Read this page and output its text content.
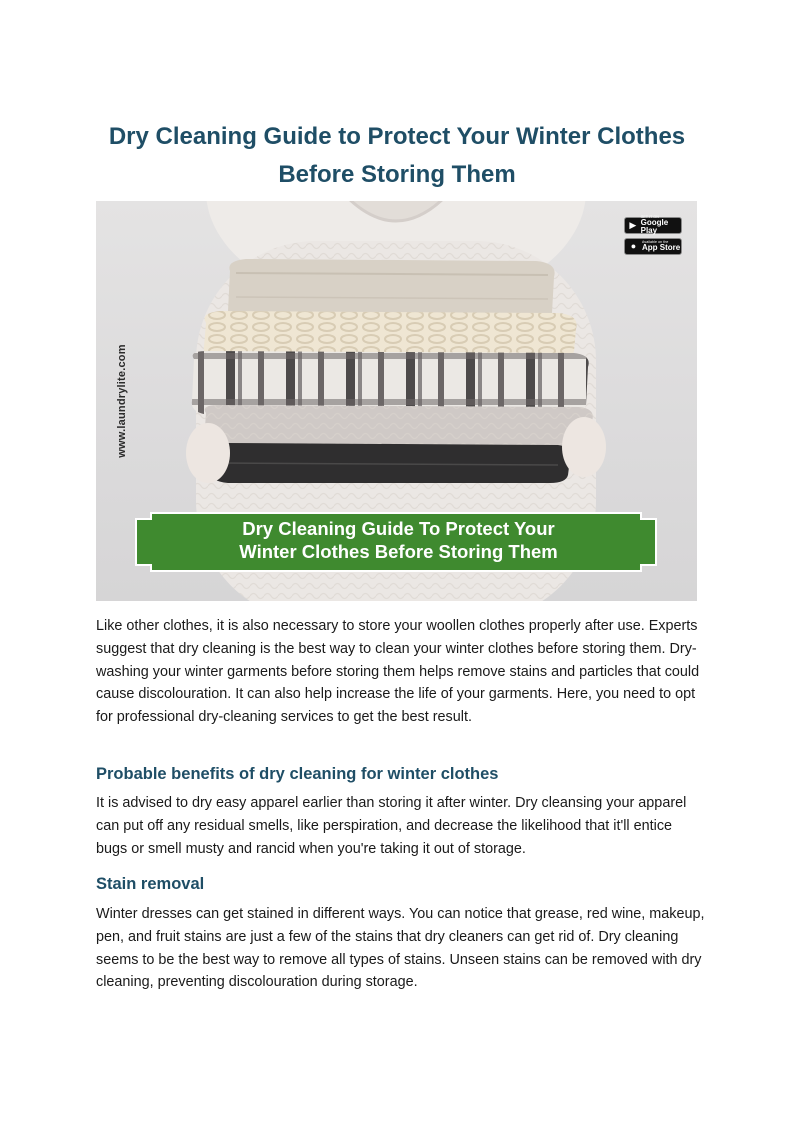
Dry Cleaning Guide to Protect Your Winter Clothes Before Storing Them
www.laundrylite.com
▶
GET IT ON
Google Play
●	Available on the
App Store
Dry Cleaning Guide To Protect Your
Winter Clothes Before Storing Them

Like other clothes, it is also necessary to store your woollen clothes properly after use. Experts suggest that dry cleaning is the best way to clean your winter clothes before storing them. Dry-washing your winter garments before storing them helps remove stains and particles that could cause discolouration. It can also help increase the life of your garments. Here, you need to opt for professional dry-cleaning services to get the best result.

Probable benefits of dry cleaning for winter clothes

It is advised to dry easy apparel earlier than storing it after winter. Dry cleansing your apparel can put off any residual smells, like perspiration, and decrease the likelihood that it'll entice bugs or smell musty and rancid when you're taking it out of storage.

Stain removal

Winter dresses can get stained in different ways. You can notice that grease, red wine, makeup, pen, and fruit stains are just a few of the stains that dry cleaners can get rid of. Dry cleaning seems to be the best way to remove all types of stains. Unseen stains can be removed with dry cleaning, preventing discolouration during storage.
